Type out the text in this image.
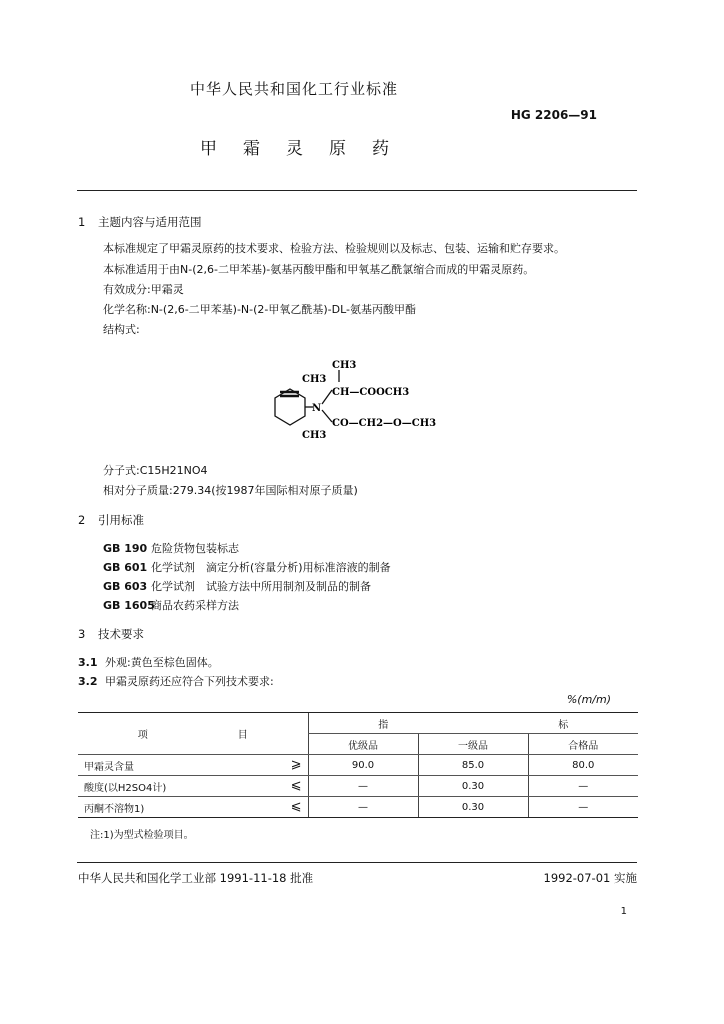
中华人民共和国化工行业标准
HG 2206—91
甲霜灵原药
1 主题内容与适用范围
本标准规定了甲霜灵原药的技术要求、检验方法、检验规则以及标志、包装、运输和贮存要求。
本标准适用于由N-(2,6-二甲苯基)-氨基丙酸甲酯和甲氧基乙酰氯缩合而成的甲霜灵原药。
有效成分:甲霜灵
化学名称:N-(2,6-二甲苯基)-N-(2-甲氧乙酰基)-DL-氨基丙酸甲酯
结构式:
CH3
CH3
CH—COOCH3
N
CO—CH2—O—CH3
CH3
分子式:C15H21NO4
相对分子质量:279.34(按1987年国际相对原子质量)
2 引用标准
GB 190 危险货物包装标志
GB 601 化学试剂　滴定分析(容量分析)用标准溶液的制备
GB 603 化学试剂　试验方法中所用制剂及制品的制备
GB 1605商品农药采样方法
3 技术要求
3.1 外观:黄色至棕色固体。
3.2 甲霜灵原药还应符合下列技术要求:
%(m/m)
项 目	指 标		
	优级品	一级品	合格品
甲霜灵含量 ⩾	90.0	85.0	80.0
酸度(以H2SO4计) ⩽	—	0.30	—
丙酮不溶物1) ⩽	—	0.30	—
注:1)为型式检验项目。
中华人民共和国化学工业部 1991-11-18 批准	1992-07-01 实施
1
